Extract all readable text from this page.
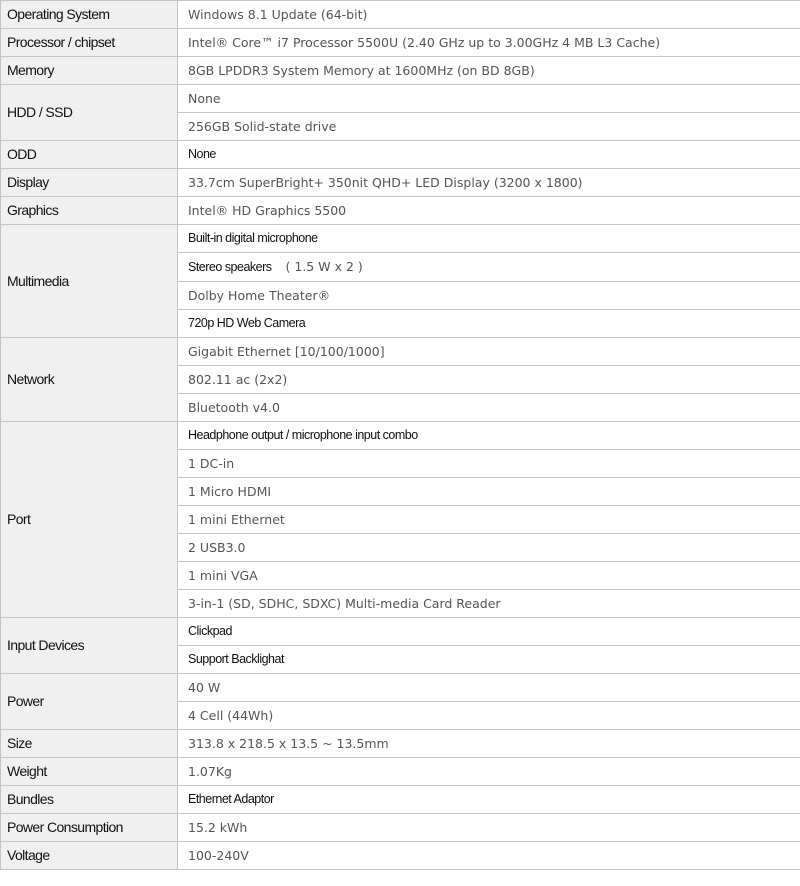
Operating System	Windows 8.1 Update (64-bit)
Processor / chipset	Intel® Core™ i7 Processor 5500U (2.40 GHz up to 3.00GHz 4 MB L3 Cache)
Memory	8GB LPDDR3 System Memory at 1600MHz (on BD 8GB)
HDD / SSD	None
	256GB Solid-state drive
ODD	None
Display	33.7cm SuperBright+ 350nit QHD+ LED Display (3200 x 1800)
Graphics	Intel® HD Graphics 5500
Multimedia	Built-in digital microphone
	Stereo speakers ( 1.5 W x 2 )
	Dolby Home Theater®
	720p HD Web Camera
Network	Gigabit Ethernet [10/100/1000]
	802.11 ac (2x2)
	Bluetooth v4.0
Port	Headphone output / microphone input combo
	1 DC-in
	1 Micro HDMI
	1 mini Ethernet
	2 USB3.0
	1 mini VGA
	3-in-1 (SD, SDHC, SDXC) Multi-media Card Reader
Input Devices	Clickpad
	Support Backlighat
Power	40 W
	4 Cell (44Wh)
Size	313.8 x 218.5 x 13.5 ~ 13.5mm
Weight	1.07Kg
Bundles	Ethernet Adaptor
Power Consumption	15.2 kWh
Voltage	100-240V
